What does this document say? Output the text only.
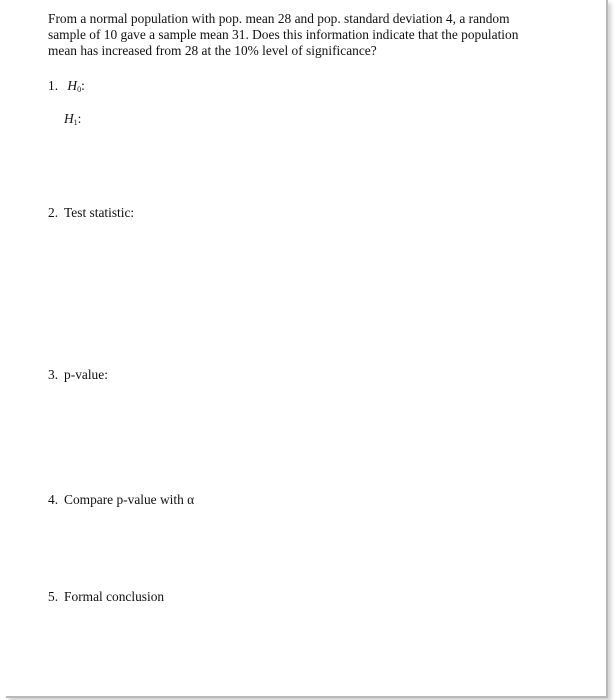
From a normal population with pop. mean 28 and pop. standard deviation 4, a random
sample of 10 gave a sample mean 31. Does this information indicate that the population
mean has increased from 28 at the 10% level of significance?
1. $H_0$:
$H_1$:
2. Test statistic:
3. p-value:
4. Compare p-value with α
5. Formal conclusion
